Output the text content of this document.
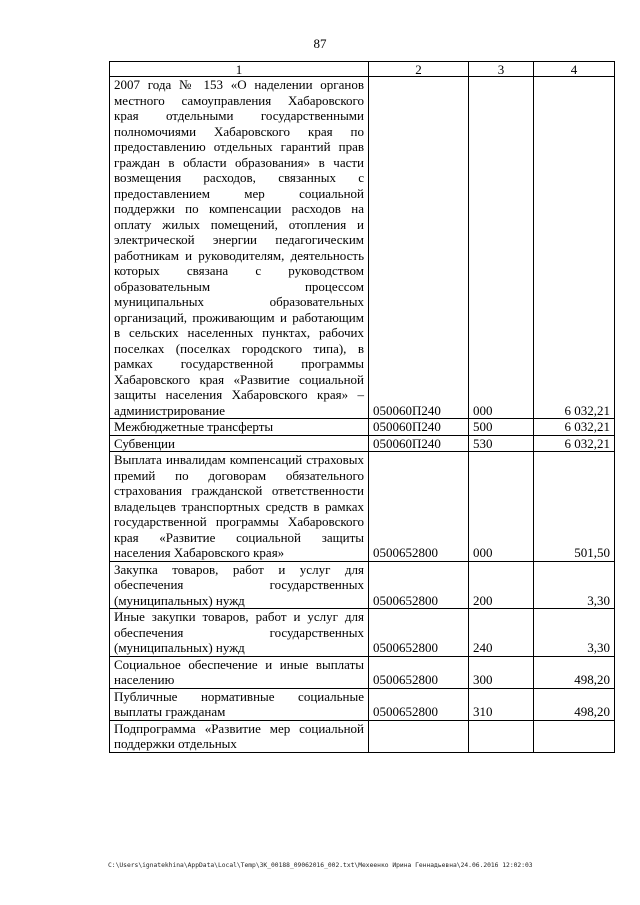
87
1	2	3	4
2007 года № 153 «О наделении органов местного самоуправления Хабаровского края отдельными государственными полномочиями Хабаровского края по предоставлению отдельных гарантий прав граждан в области образования» в части возмещения расходов, связанных с предоставлением мер социальной поддержки по компенсации расходов на оплату жилых помещений, отопления и электрической энергии педагогическим работникам и руководителям, деятельность которых связана с руководством образовательным процессом муниципальных образовательных организаций, проживающим и работающим в сельских населенных пунктах, рабочих поселках (поселках городского типа), в рамках государственной программы Хабаровского края «Развитие социальной защиты населения Хабаровского края» – администрирование	050060П240	000	6 032,21
Межбюджетные трансферты	050060П240	500	6 032,21
Субвенции	050060П240	530	6 032,21
Выплата инвалидам компенсаций страховых премий по договорам обязательного страхования гражданской ответственности владельцев транспортных средств в рамках государственной программы Хабаровского края «Развитие социальной защиты населения Хабаровского края»	0500652800	000	501,50
Закупка товаров, работ и услуг для обеспечения государственных (муниципальных) нужд	0500652800	200	3,30
Иные закупки товаров, работ и услуг для обеспечения государственных (муниципальных) нужд	0500652800	240	3,30
Социальное обеспечение и иные выплаты населению	0500652800	300	498,20
Публичные нормативные социальные выплаты гражданам	0500652800	310	498,20
Подпрограмма «Развитие мер социальной поддержки отдельных			
C:\Users\ignatekhina\AppData\Local\Temp\3K_00188_09062016_002.txt\Мехеенко Ирина Геннадьевна\24.06.2016 12:02:03
